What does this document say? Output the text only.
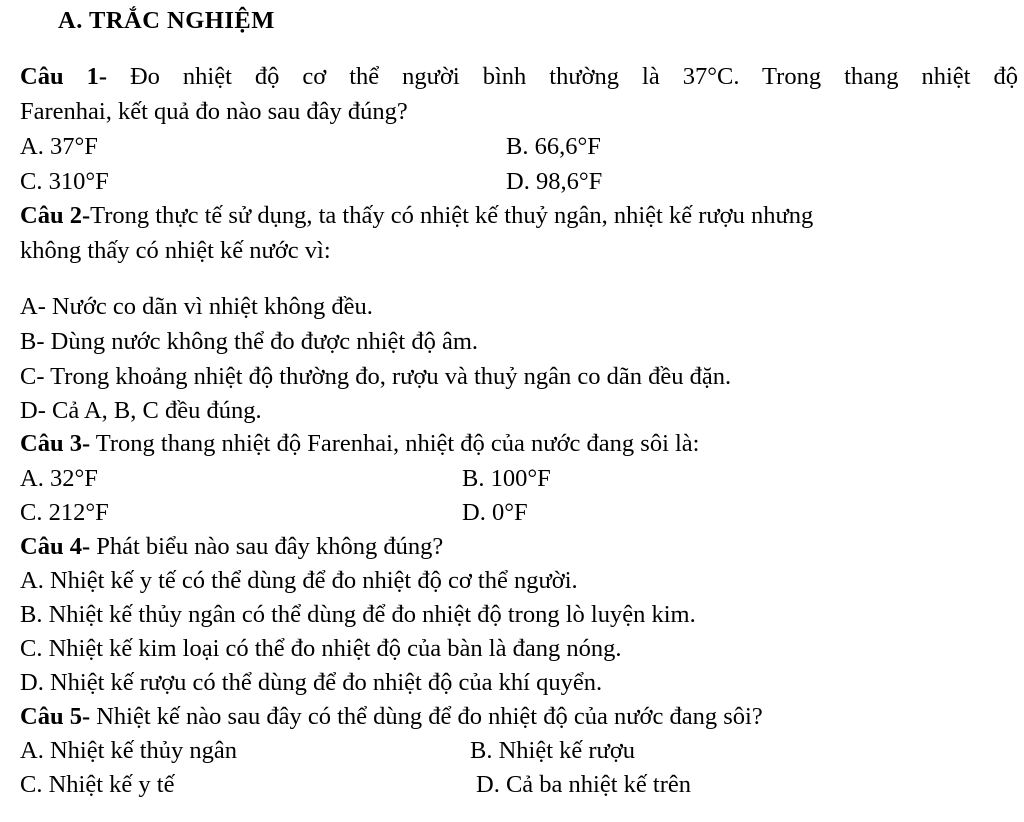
A. TRẮC NGHIỆM
Câu 1- Đo nhiệt độ cơ thể người bình thường là 37°C. Trong thang nhiệt độ
Farenhai, kết quả đo nào sau đây đúng?
A. 37°F	B. 66,6°F
C. 310°F	D. 98,6°F
Câu 2-Trong thực tế sử dụng, ta thấy có nhiệt kế thuỷ ngân, nhiệt kế rượu nhưng
không thấy có nhiệt kế nước vì:
A- Nước co dãn vì nhiệt không đều.
B- Dùng nước không thể đo được nhiệt độ âm.
C- Trong khoảng nhiệt độ thường đo, rượu và thuỷ ngân co dãn đều đặn.
D- Cả A, B, C đều đúng.
Câu 3- Trong thang nhiệt độ Farenhai, nhiệt độ của nước đang sôi là:
A. 32°F	B. 100°F
C. 212°F	D. 0°F
Câu 4- Phát biểu nào sau đây không đúng?
A. Nhiệt kế y tế có thể dùng để đo nhiệt độ cơ thể người.
B. Nhiệt kế thủy ngân có thể dùng để đo nhiệt độ trong lò luyện kim.
C. Nhiệt kế kim loại có thể đo nhiệt độ của bàn là đang nóng.
D. Nhiệt kế rượu có thể dùng để đo nhiệt độ của khí quyển.
Câu 5- Nhiệt kế nào sau đây có thể dùng để đo nhiệt độ của nước đang sôi?
A. Nhiệt kế thủy ngân	B. Nhiệt kế rượu
C. Nhiệt kế y tế	D. Cả ba nhiệt kế trên
